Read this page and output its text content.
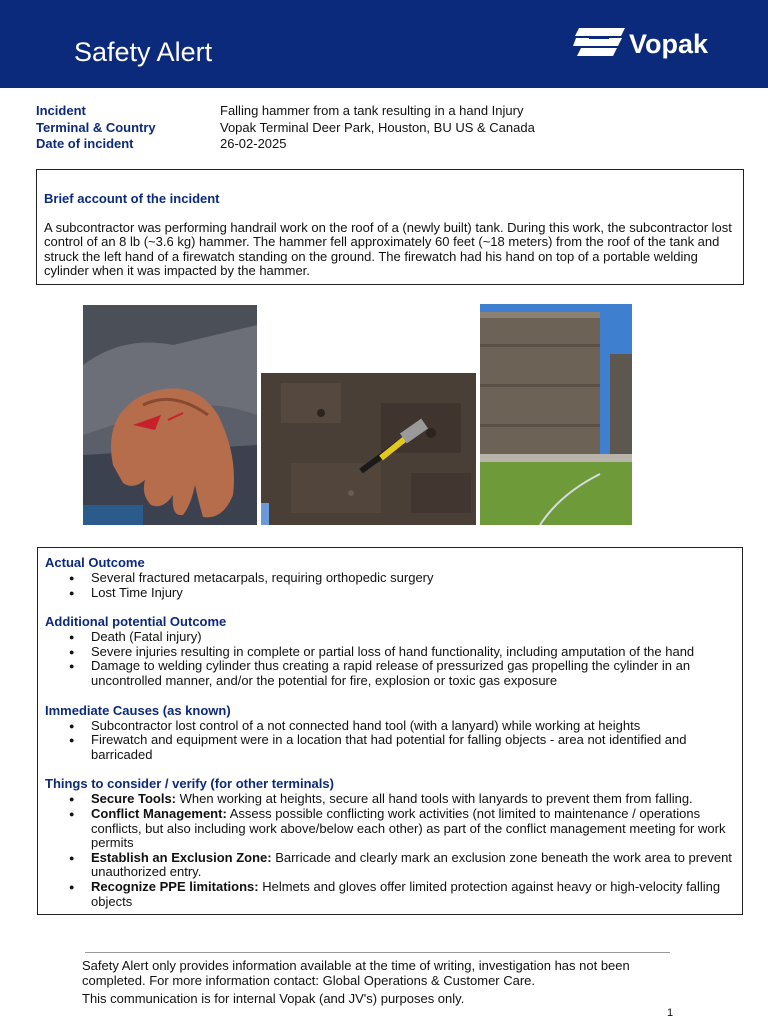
Safety Alert	Vopak
Incident	Falling hammer from a tank resulting in a hand Injury
Terminal & Country	Vopak Terminal Deer Park, Houston, BU US & Canada
Date of incident	26-02-2025

Brief account of the incident

A subcontractor was performing handrail work on the roof of a (newly built) tank. During this work, the subcontractor lost control of an 8 lb (~3.6 kg) hammer. The hammer fell approximately 60 feet (~18 meters) from the roof of the tank and struck the left hand of a firewatch standing on the ground. The firewatch had his hand on top of a portable welding cylinder when it was impacted by the hammer.

Actual Outcome

● Several fractured metacarpals, requiring orthopedic surgery
● Lost Time Injury

Additional potential Outcome

● Death (Fatal injury)
● Severe injuries resulting in complete or partial loss of hand functionality, including amputation of the hand
● Damage to welding cylinder thus creating a rapid release of pressurized gas propelling the cylinder in an uncontrolled manner, and/or the potential for fire, explosion or toxic gas exposure

Immediate Causes (as known)

● Subcontractor lost control of a not connected hand tool (with a lanyard) while working at heights
● Firewatch and equipment were in a location that had potential for falling objects - area not identified and barricaded

Things to consider / verify (for other terminals)

● Secure Tools: When working at heights, secure all hand tools with lanyards to prevent them from falling.
● Conflict Management: Assess possible conflicting work activities (not limited to maintenance / operations conflicts, but also including work above/below each other) as part of the conflict management meeting for work permits
● Establish an Exclusion Zone: Barricade and clearly mark an exclusion zone beneath the work area to prevent unauthorized entry.
● Recognize PPE limitations: Helmets and gloves offer limited protection against heavy or high-velocity falling objects

Safety Alert only provides information available at the time of writing, investigation has not been completed. For more information contact: Global Operations & Customer Care.

This communication is for internal Vopak (and JV's) purposes only.

1
